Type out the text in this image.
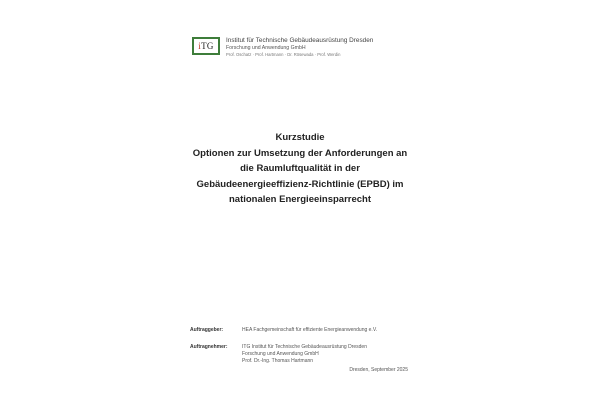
i TG
Institut für Technische Gebäudeausrüstung Dresden
Forschung und Anwendung GmbH
Prof. Oschatz · Prof. Hartmann · Dr. Rösewada · Prof. Werdin
Kurzstudie
Optionen zur Umsetzung der Anforderungen an
die Raumluftqualität in der
Gebäudeenergieeffizienz-Richtlinie (EPBD) im
nationalen Energieeinsparrecht
Auftraggeber:	HEA Fachgemeinschaft für effiziente Energieanwendung e.V.
Auftragnehmer:	ITG Institut für Technische Gebäudeausrüstung Dresden
Forschung und Anwendung GmbH
Prof. Dr.-Ing. Thomas Hartmann
Dresden, September 2025
